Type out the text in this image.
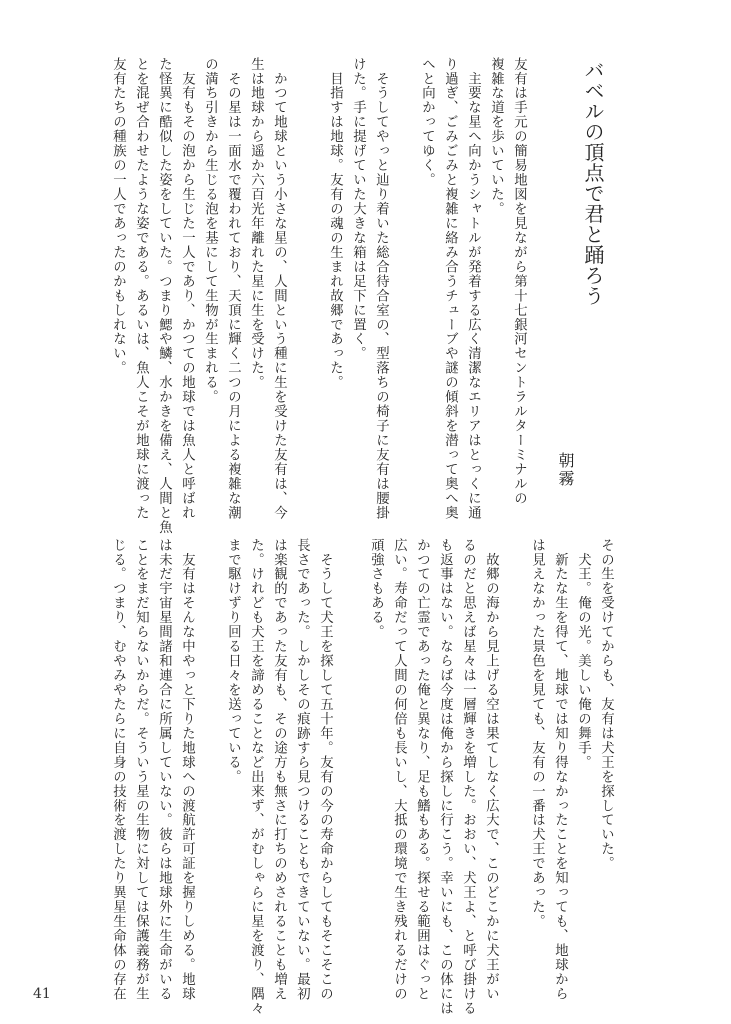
バベルの頂点で君と踊ろう
朝霧
友有は手元の簡易地図を見ながら第十七銀河セントラルターミナルの
複雑な道を歩いていた。
　主要な星へ向かうシャトルが発着する広く清潔なエリアはとっくに通
り過ぎ、ごみごみと複雑に絡み合うチューブや謎の傾斜を潜って奥へ奥
へと向かってゆく。
　そうしてやっと辿り着いた総合待合室の、型落ちの椅子に友有は腰掛
けた。手に提げていた大きな箱は足下に置く。
　目指すは地球。友有の魂の生まれ故郷であった。
　かつて地球という小さな星の、人間という種に生を受けた友有は、今
生は地球から遥か六百光年離れた星に生を受けた。
　その星は一面水で覆われており、天頂に輝く二つの月による複雑な潮
の満ち引きから生じる泡を基にして生物が生まれる。
　友有もその泡から生じた一人であり、かつての地球では魚人と呼ばれ
た怪異に酷似した姿をしていた。つまり鰓や鱗、水かきを備え、人間と魚
とを混ぜ合わせたような姿である。あるいは、魚人こそが地球に渡った
友有たちの種族の一人であったのかもしれない。
その生を受けてからも、友有は犬王を探していた。
　犬王。俺の光。美しい俺の舞手。
　新たな生を得て、地球では知り得なかったことを知っても、地球から
は見えなかった景色を見ても、友有の一番は犬王であった。
　故郷の海から見上げる空は果てしなく広大で、このどこかに犬王がい
るのだと思えば星々は一層輝きを増した。おおい、犬王よ、と呼び掛ける
も返事はない。ならば今度は俺から探しに行こう。幸いにも、この体には
かつての亡霊であった俺と異なり、足も鰭もある。探せる範囲はぐっと
広い。寿命だって人間の何倍も長いし、大抵の環境で生き残れるだけの
頑強さもある。
　そうして犬王を探して五十年。友有の今の寿命からしてもそこそこの
長さであった。しかしその痕跡すら見つけることもできていない。最初
は楽観的であった友有も、その途方も無さに打ちのめされることも増え
た。けれども犬王を諦めることなど出来ず、がむしゃらに星を渡り、隅々
まで駆けずり回る日々を送っている。
　友有はそんな中やっと下りた地球への渡航許可証を握りしめる。地球
は未だ宇宙星間諸和連合に所属していない。彼らは地球外に生命がいる
ことをまだ知らないからだ。そういう星の生物に対しては保護義務が生
じる。つまり、むやみやたらに自身の技術を渡したり異星生命体の存在
41
